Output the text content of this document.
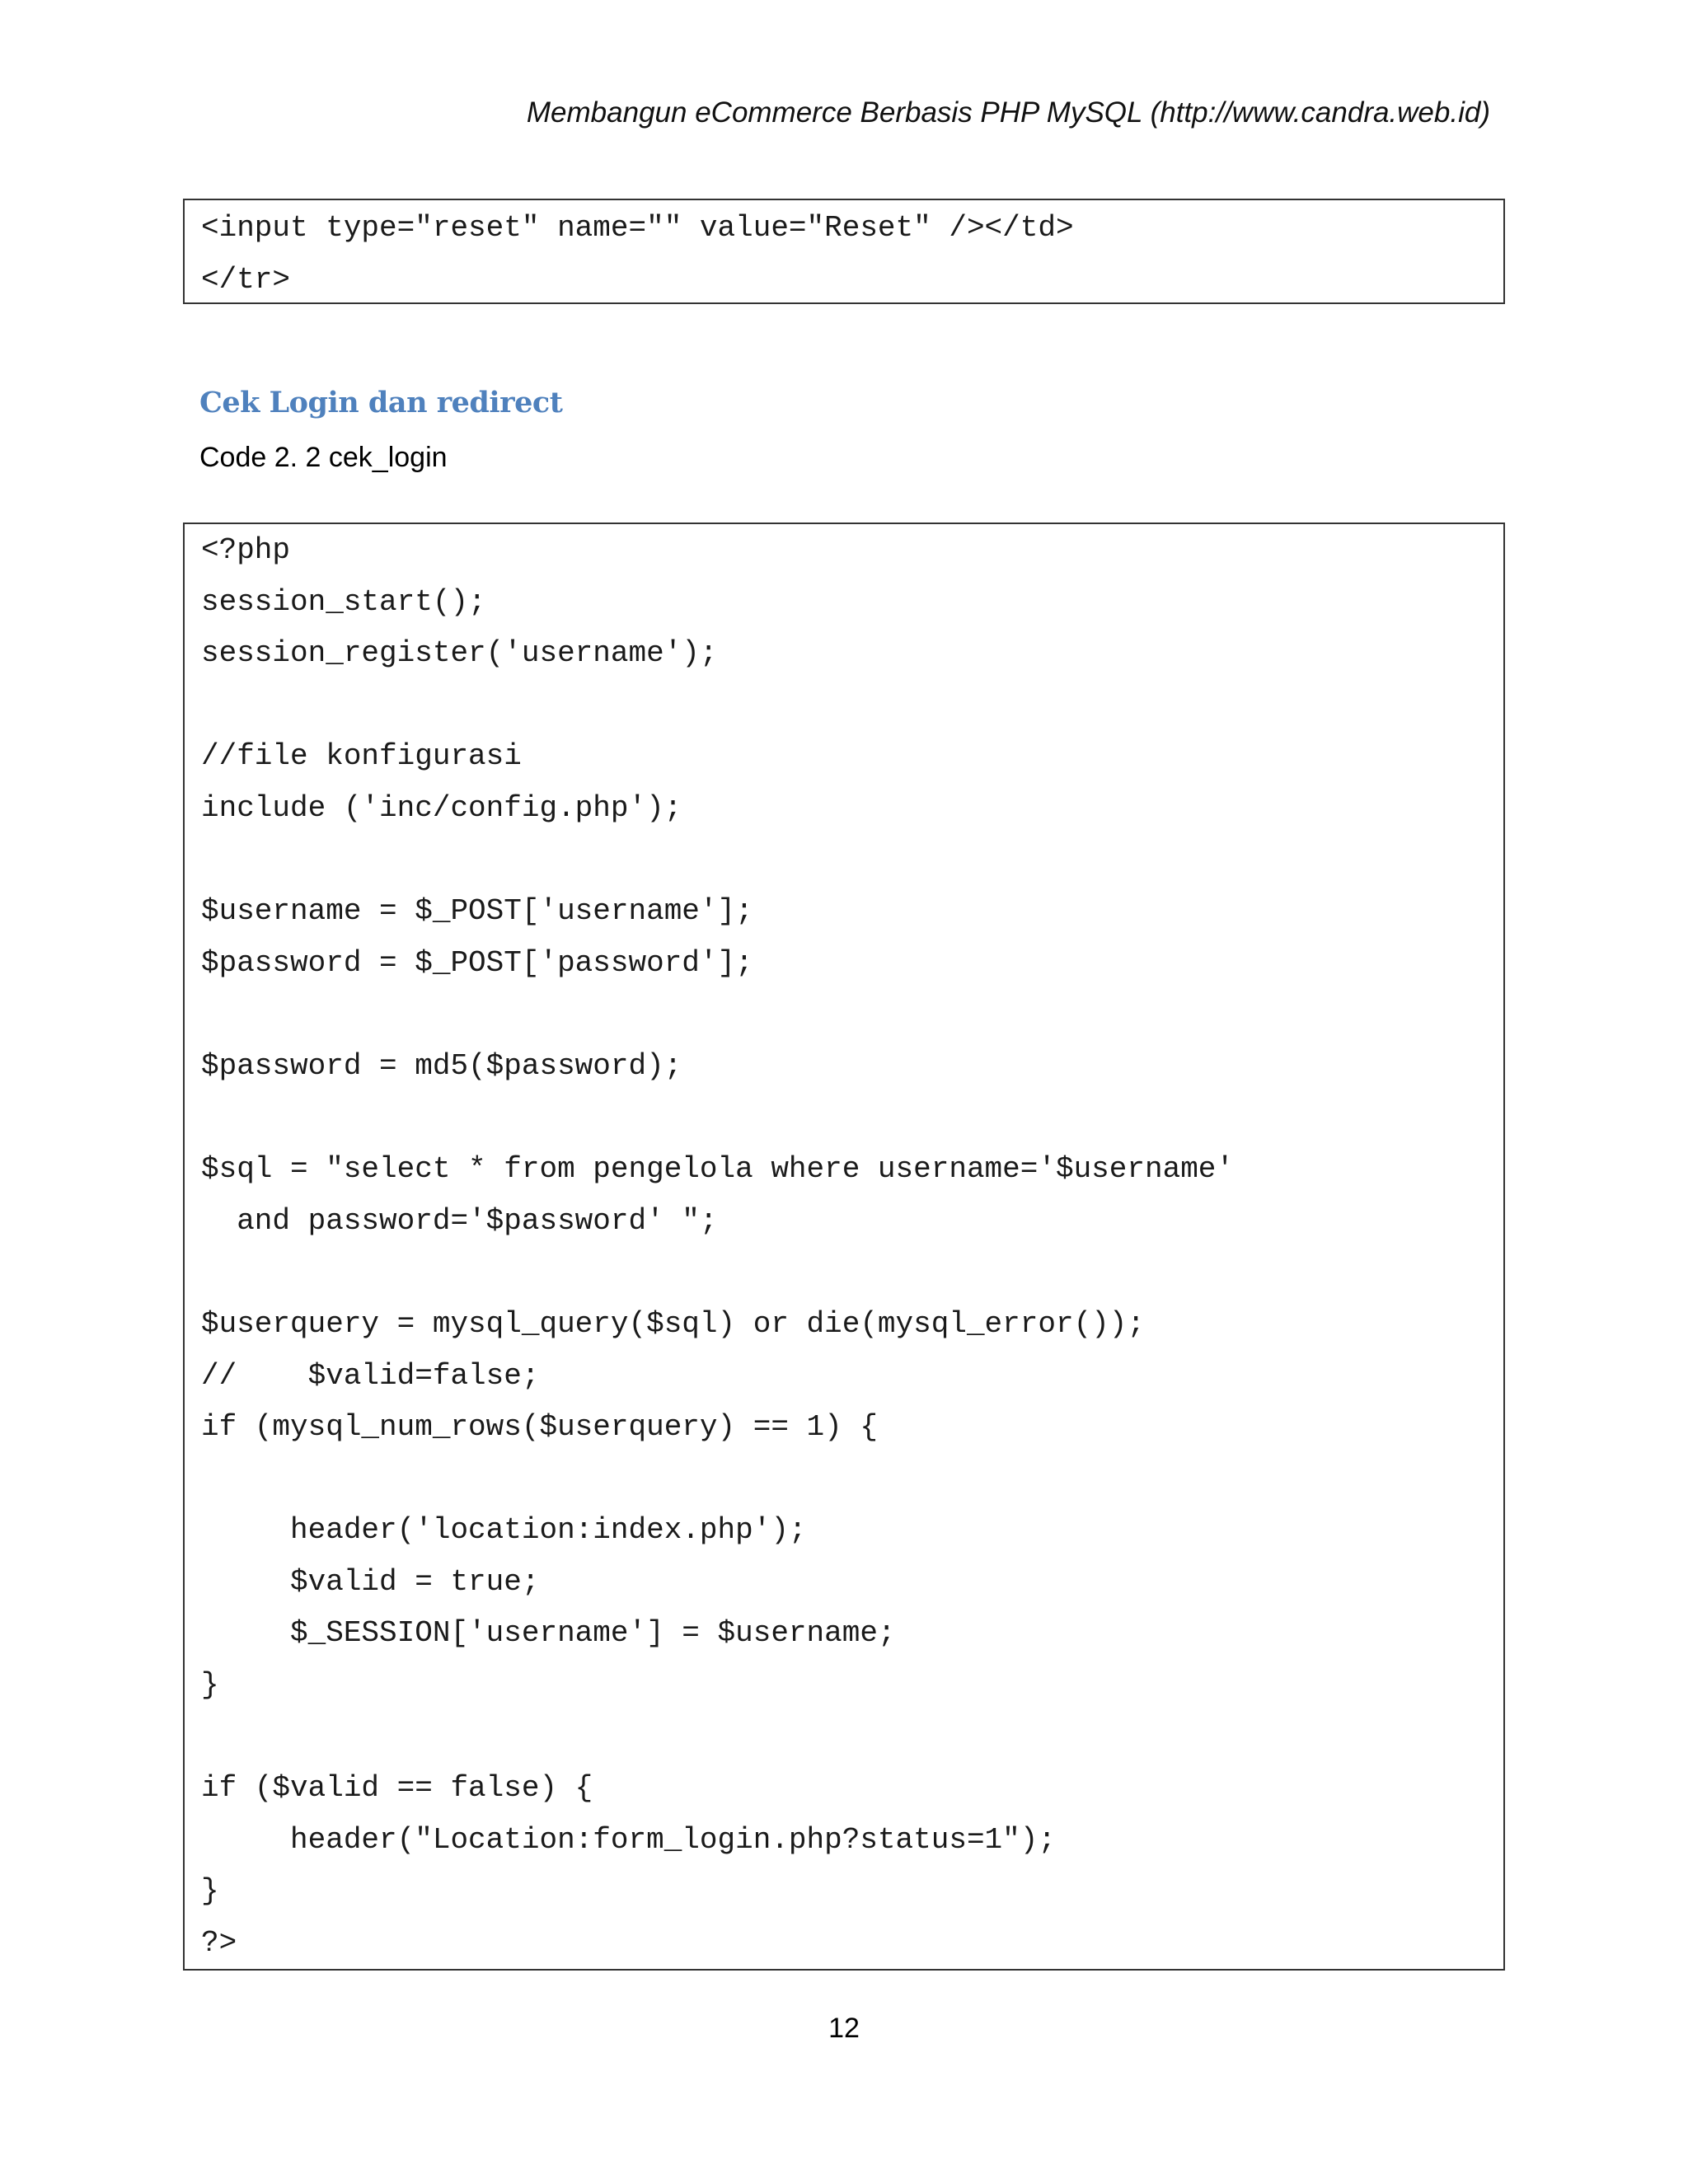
Membangun eCommerce Berbasis PHP MySQL (http://www.candra.web.id)
<input type="reset" name="" value="Reset" /></td>
</tr>
Cek Login dan redirect
Code 2. 2 cek_login
<?php
session_start();
session_register('username');
//file konfigurasi
include ('inc/config.php');
$username = $_POST['username'];
$password = $_POST['password'];
$password = md5($password);
$sql = "select * from pengelola where username='$username'
and password='$password' ";
$userquery = mysql_query($sql) or die(mysql_error());
//    $valid=false;
if (mysql_num_rows($userquery) == 1) {
header('location:index.php');
$valid = true;
$_SESSION['username'] = $username;
}
if ($valid == false) {
header("Location:form_login.php?status=1");
}
?>
12
